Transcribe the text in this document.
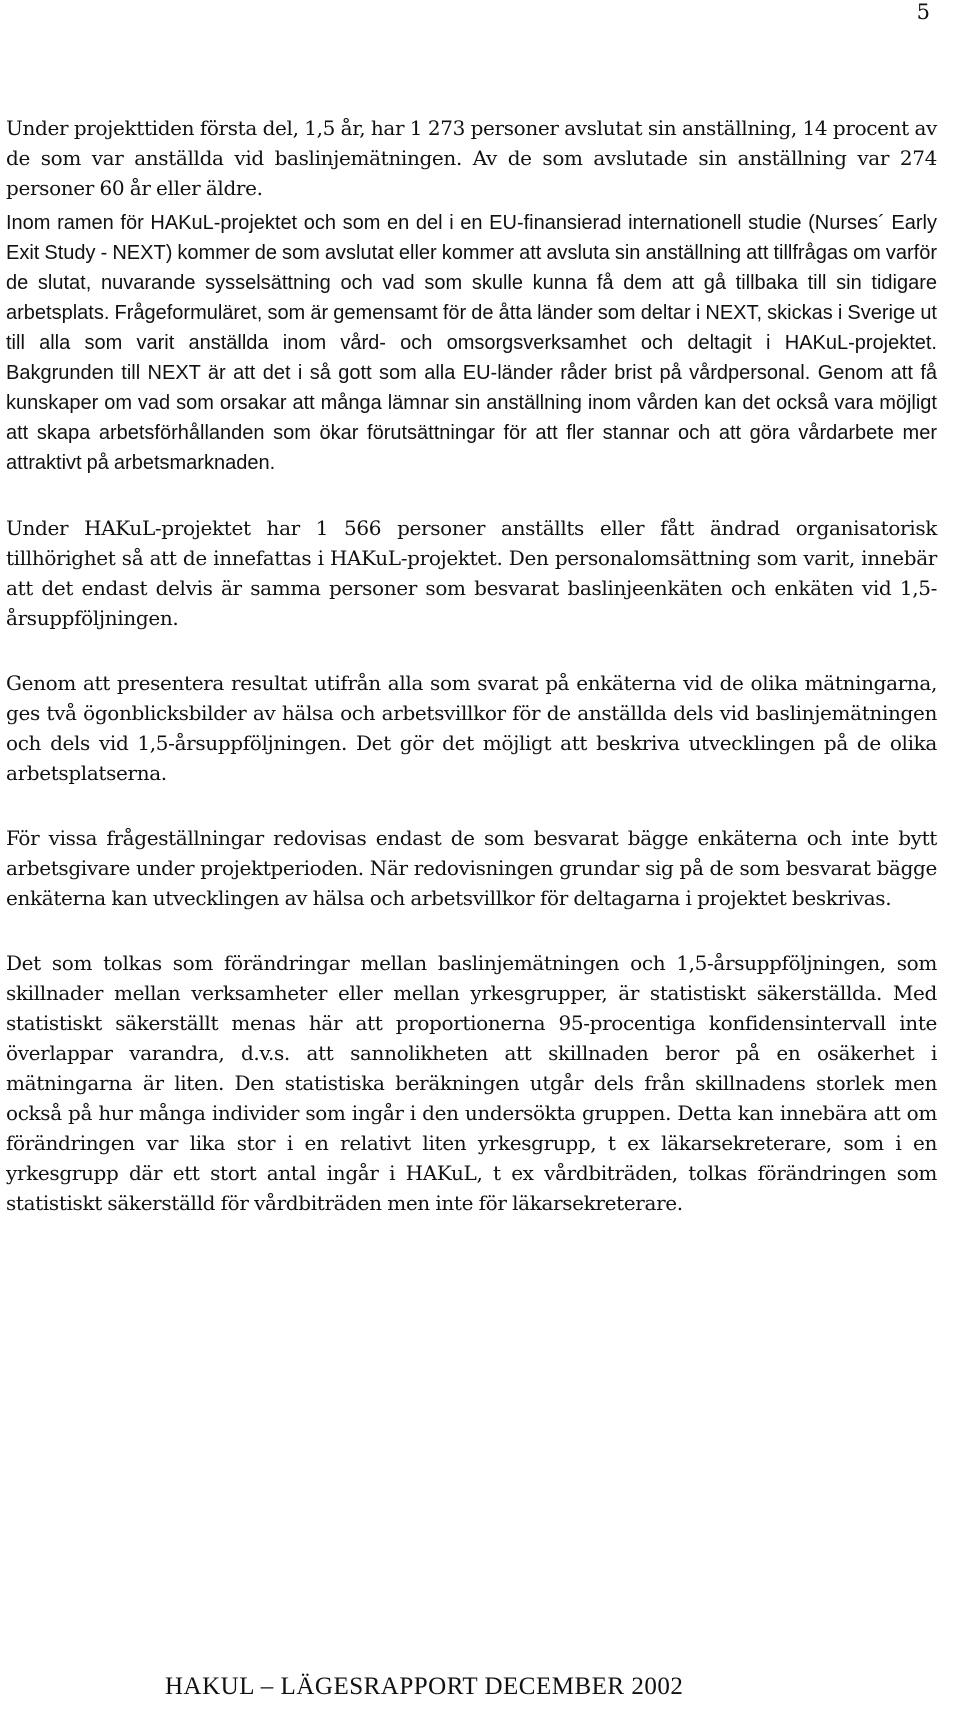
5

Under projekttiden första del, 1,5 år, har 1 273 personer avslutat sin anställning, 14 procent av de som var anställda vid baslinjemätningen. Av de som avslutade sin anställning var 274 personer 60 år eller äldre.

Inom ramen för HAKuL-projektet och som en del i en EU-finansierad internationell studie (Nurses´ Early Exit Study - NEXT) kommer de som avslutat eller kommer att avsluta sin anställning att tillfrågas om varför de slutat, nuvarande sysselsättning och vad som skulle kunna få dem att gå tillbaka till sin tidigare arbetsplats. Frågeformuläret, som är gemensamt för de åtta länder som deltar i NEXT, skickas i Sverige ut till alla som varit anställda inom vård- och omsorgsverksamhet och deltagit i HAKuL-projektet. Bakgrunden till NEXT är att det i så gott som alla EU-länder råder brist på vårdpersonal. Genom att få kunskaper om vad som orsakar att många lämnar sin anställning inom vården kan det också vara möjligt att skapa arbetsförhållanden som ökar förutsättningar för att fler stannar och att göra vårdarbete mer attraktivt på arbetsmarknaden.

Under HAKuL-projektet har 1 566 personer anställts eller fått ändrad organisatorisk tillhörighet så att de innefattas i HAKuL-projektet. Den personalomsättning som varit, innebär att det endast delvis är samma personer som besvarat baslinjeenkäten och enkäten vid 1,5-årsuppföljningen.

Genom att presentera resultat utifrån alla som svarat på enkäterna vid de olika mätningarna, ges två ögonblicksbilder av hälsa och arbetsvillkor för de anställda dels vid baslinjemätningen och dels vid 1,5-årsuppföljningen. Det gör det möjligt att beskriva utvecklingen på de olika arbetsplatserna.

För vissa frågeställningar redovisas endast de som besvarat bägge enkäterna och inte bytt arbetsgivare under projektperioden. När redovisningen grundar sig på de som besvarat bägge enkäterna kan utvecklingen av hälsa och arbetsvillkor för deltagarna i projektet beskrivas.

Det som tolkas som förändringar mellan baslinjemätningen och 1,5-årsuppföljningen, som skillnader mellan verksamheter eller mellan yrkesgrupper, är statistiskt säkerställda. Med statistiskt säkerställt menas här att proportionerna 95-procentiga konfidensintervall inte överlappar varandra, d.v.s. att sannolikheten att skillnaden beror på en osäkerhet i mätningarna är liten. Den statistiska beräkningen utgår dels från skillnadens storlek men också på hur många individer som ingår i den undersökta gruppen. Detta kan innebära att om förändringen var lika stor i en relativt liten yrkesgrupp, t ex läkarsekreterare, som i en yrkesgrupp där ett stort antal ingår i HAKuL, t ex vårdbiträden, tolkas förändringen som statistiskt säkerställd för vårdbiträden men inte för läkarsekreterare.

HAKUL – LÄGESRAPPORT DECEMBER 2002
